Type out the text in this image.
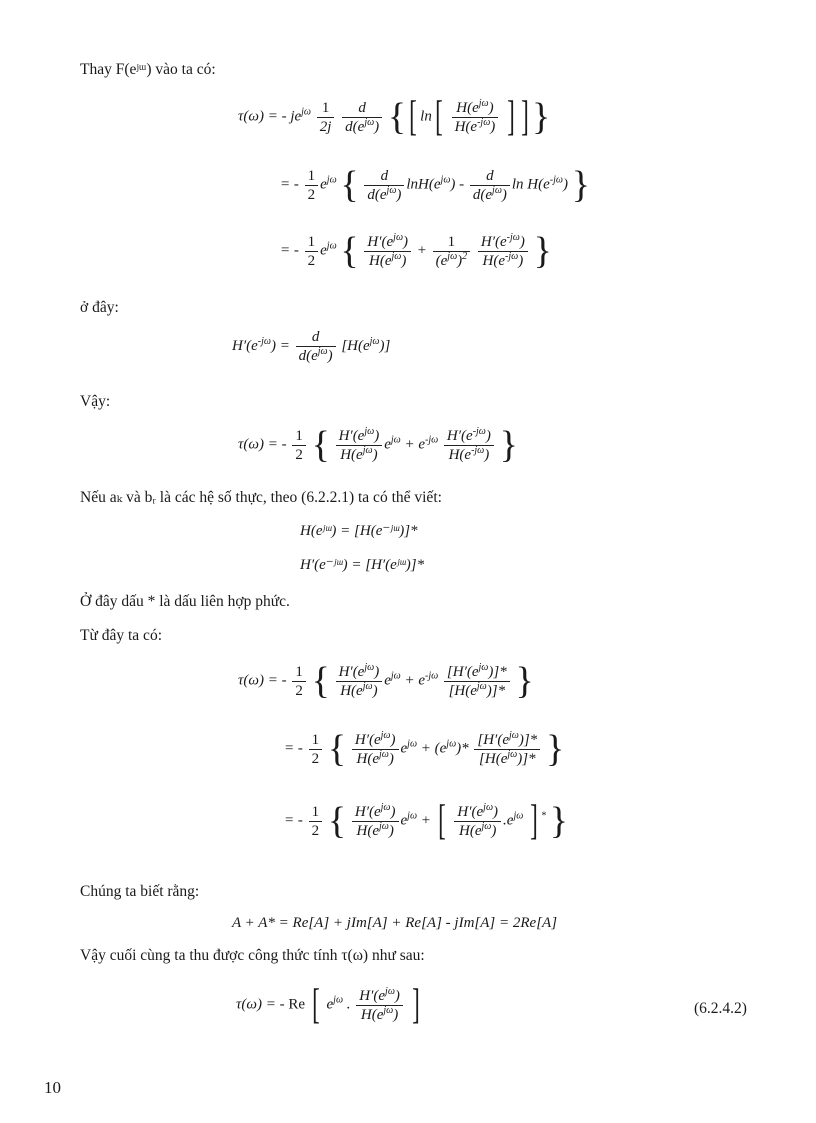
Thay F(eʲᵚ) vào ta có:
τ(ω) = - $je^{j\omega} \frac{1}{2j}$
$\frac{d}{d(e^{j\omega})}$ {[ $\ln[ \frac{H(e^{j\omega})}{H(e^{-j\omega})}$ ] ]}
= - $\frac{1}{2} e^{j\omega}$ { $\frac{d}{d(e^{j\omega})} \ln H(e^{j\omega}) - \frac{d}{d(e^{j\omega})}$ $\ln H(e^{-j\omega})$ }
= - $\frac{1}{2} e^{j\omega}$ { $\frac{H'(e^{j\omega})}{H(e^{j\omega})} + \frac{1}{(e^{j\omega})^2}$
$\frac{H'(e^{-j\omega})}{H(e^{-j\omega})}$ }
ở đây:
$H'(e^{-j\omega}) = \frac{d}{d(e^{j\omega})} [H(e^{j\omega})]$
Vậy:
τ(ω) = - $\frac{1}{2}$ { $\frac{H'(e^{j\omega})}{H(e^{j\omega})} e^{j\omega} + e^{-j\omega} \frac{H'(e^{-j\omega})}{H(e^{-j\omega})}$ }
Nếu aₖ và bᵣ là các hệ số thực, theo (6.2.2.1) ta có thể viết:
H(eʲᵚ) = [H(e⁻ʲᵚ)]*
H′(e⁻ʲᵚ) = [H′(eʲᵚ)]*
Ở đây dấu * là dấu liên hợp phức.
Từ đây ta có:
τ(ω) = - $\frac{1}{2}$ { $\frac{H'(e^{j\omega})}{H(e^{j\omega})} e^{j\omega} + e^{-j\omega} \frac{[H'(e^{j\omega})]*}{[H(e^{j\omega})]*}$ }
= - $\frac{1}{2}$ { $\frac{H'(e^{j\omega})}{H(e^{j\omega})} e^{j\omega} + (e^{j\omega})* \frac{[H'(e^{j\omega})]*}{[H(e^{j\omega})]*}$ }
= - $\frac{1}{2}$ { $\frac{H'(e^{j\omega})}{H(e^{j\omega})} e^{j\omega}$ + [ $\frac{H'(e^{j\omega})}{H(e^{j\omega})} .e^{j\omega}$ ] * }
Chúng ta biết rằng:
A + A* = Re[A] + jIm[A] + Re[A] - jIm[A] = 2Re[A]
Vậy cuối cùng ta thu được công thức tính τ(ω) như sau:
τ(ω) = - Re [ $e^{j\omega}$ . $\frac{H'(e^{j\omega})}{H(e^{j\omega})}$ ]	(6.2.4.2)
10
